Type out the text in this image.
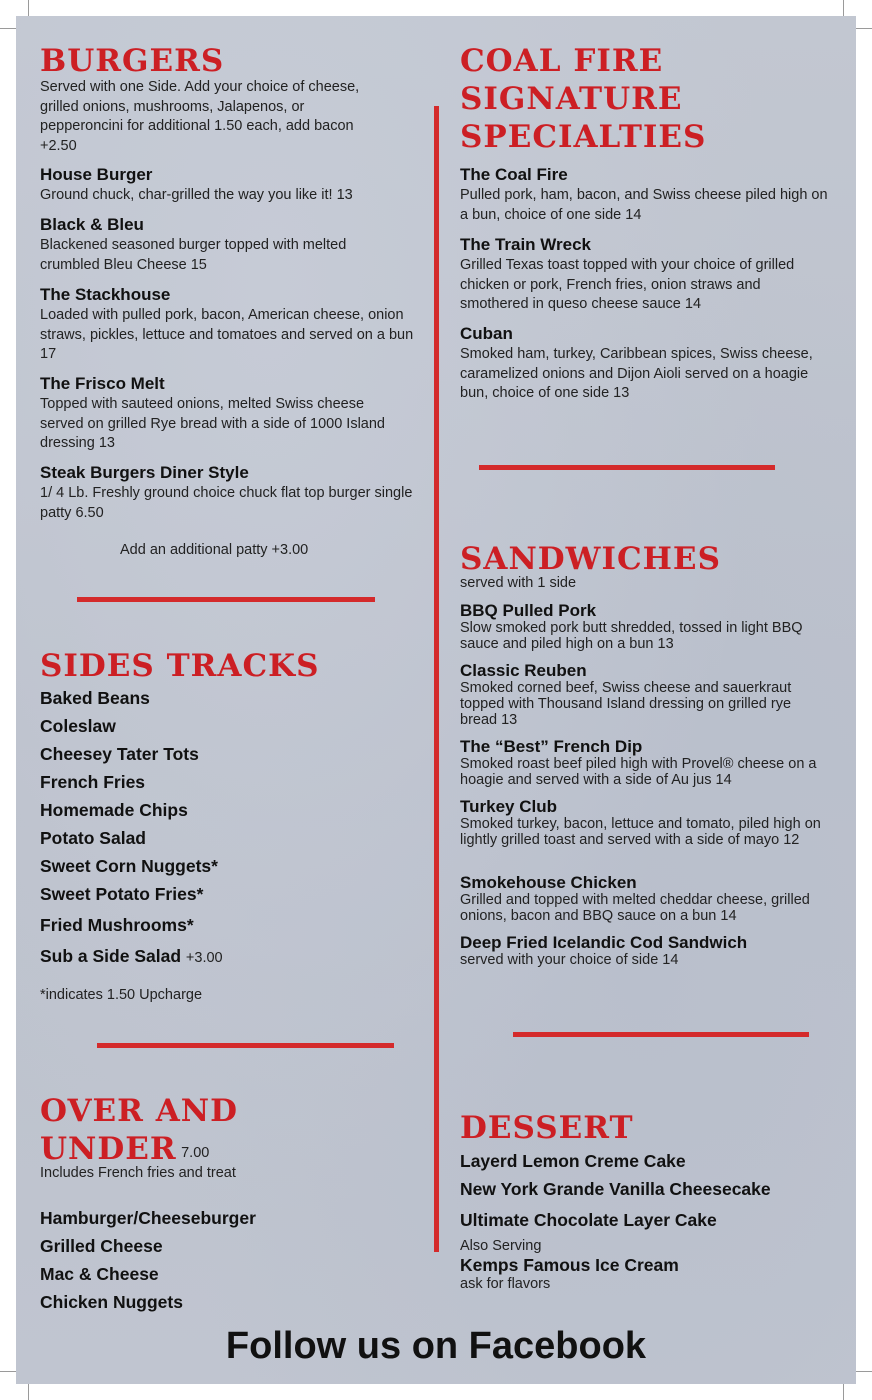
BURGERS
Served with one Side. Add your choice of cheese, grilled onions, mushrooms, Jalapenos, or pepperoncini for additional 1.50 each, add bacon +2.50
House Burger
Ground chuck, char-grilled the way you like it! 13
Black & Bleu
Blackened seasoned burger topped with melted crumbled Bleu Cheese 15
The Stackhouse
Loaded with pulled pork, bacon, American cheese, onion straws, pickles, lettuce and tomatoes and served on a bun 17
The Frisco Melt
Topped with sauteed onions, melted Swiss cheese served on grilled Rye bread with a side of 1000 Island dressing 13
Steak Burgers Diner Style
1/ 4 Lb. Freshly ground choice chuck flat top burger single patty 6.50
Add an additional patty +3.00
SIDES TRACKS
Baked Beans
Coleslaw
Cheesey Tater Tots
French Fries
Homemade Chips
Potato Salad
Sweet Corn Nuggets*
Sweet Potato Fries*
Fried Mushrooms*
Sub a Side Salad +3.00
*indicates 1.50 Upcharge
OVER AND
UNDER 7.00
Includes French fries and treat
Hamburger/Cheeseburger
Grilled Cheese
Mac & Cheese
Chicken Nuggets
COAL FIRE
SIGNATURE
SPECIALTIES
The Coal Fire
Pulled pork, ham, bacon, and Swiss cheese piled high on a bun, choice of one side 14
The Train Wreck
Grilled Texas toast topped with your choice of grilled chicken or pork, French fries, onion straws and smothered in queso cheese sauce 14
Cuban
Smoked ham, turkey, Caribbean spices, Swiss cheese, caramelized onions and Dijon Aioli served on a hoagie bun, choice of one side 13
SANDWICHES
served with 1 side
BBQ Pulled Pork
Slow smoked pork butt shredded, tossed in light BBQ sauce and piled high on a bun 13
Classic Reuben
Smoked corned beef, Swiss cheese and sauerkraut topped with Thousand Island dressing on grilled rye bread 13
The “Best” French Dip
Smoked roast beef piled high with Provel® cheese on a hoagie and served with a side of Au jus 14
Turkey Club
Smoked turkey, bacon, lettuce and tomato, piled high on lightly grilled toast and served with a side of mayo 12
Smokehouse Chicken
Grilled and topped with melted cheddar cheese, grilled onions, bacon and BBQ sauce on a bun 14
Deep Fried Icelandic Cod Sandwich
served with your choice of side 14
DESSERT
Layerd Lemon Creme Cake
New York Grande Vanilla Cheesecake
Ultimate Chocolate Layer Cake
Also Serving
Kemps Famous Ice Cream
ask for flavors
Follow us on Facebook
